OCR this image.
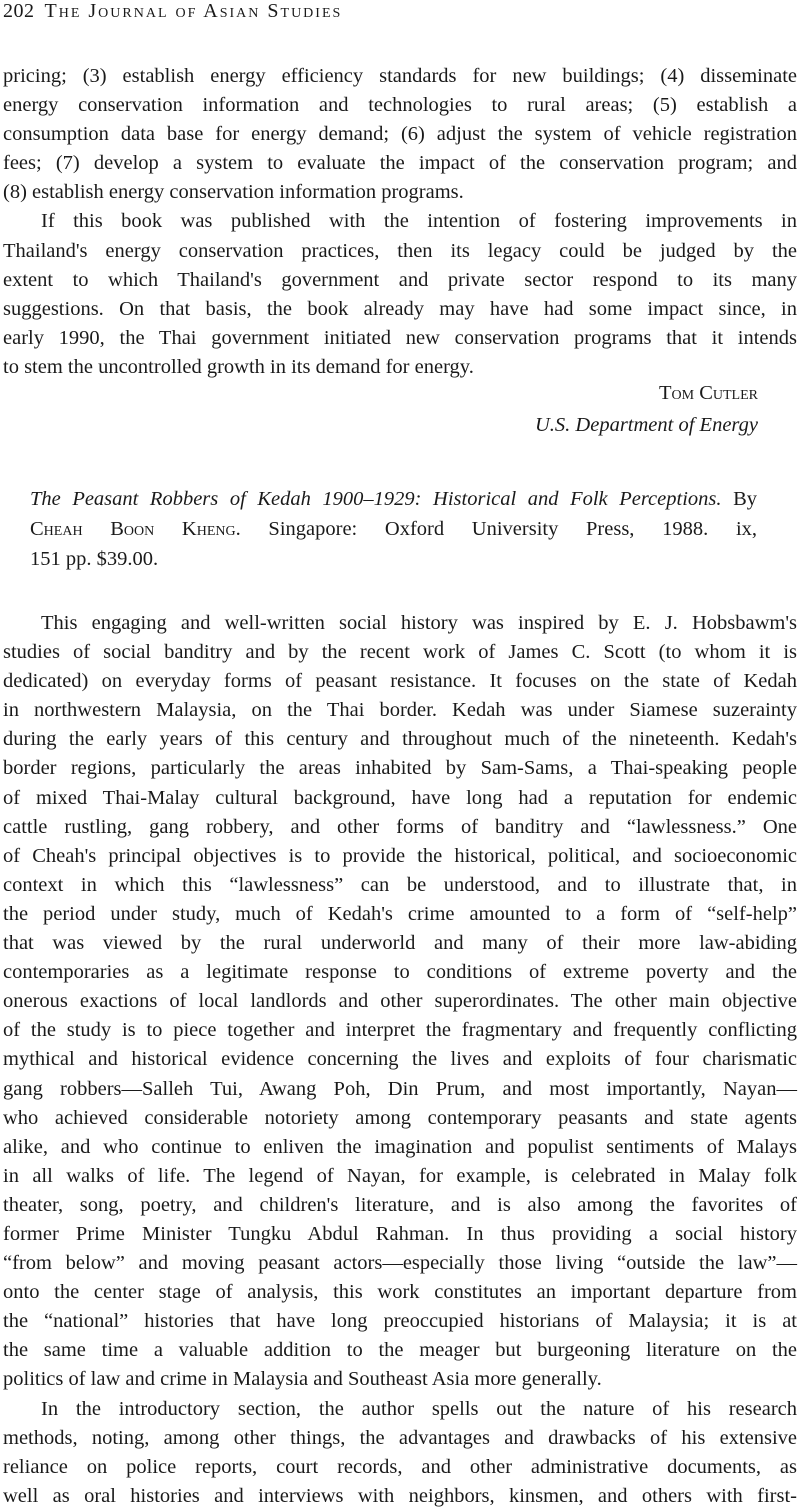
202 The Journal of Asian Studies
pricing; (3) establish energy efficiency standards for new buildings; (4) disseminate
energy conservation information and technologies to rural areas; (5) establish a
consumption data base for energy demand; (6) adjust the system of vehicle registration
fees; (7) develop a system to evaluate the impact of the conservation program; and
(8) establish energy conservation information programs.
If this book was published with the intention of fostering improvements in
Thailand's energy conservation practices, then its legacy could be judged by the
extent to which Thailand's government and private sector respond to its many
suggestions. On that basis, the book already may have had some impact since, in
early 1990, the Thai government initiated new conservation programs that it intends
to stem the uncontrolled growth in its demand for energy.
Tom Cutler
U.S. Department of Energy
The Peasant Robbers of Kedah 1900–1929: Historical and Folk Perceptions. By
Cheah Boon Kheng. Singapore: Oxford University Press, 1988. ix,
151 pp. $39.00.
This engaging and well-written social history was inspired by E. J. Hobsbawm's
studies of social banditry and by the recent work of James C. Scott (to whom it is
dedicated) on everyday forms of peasant resistance. It focuses on the state of Kedah
in northwestern Malaysia, on the Thai border. Kedah was under Siamese suzerainty
during the early years of this century and throughout much of the nineteenth. Kedah's
border regions, particularly the areas inhabited by Sam-Sams, a Thai-speaking people
of mixed Thai-Malay cultural background, have long had a reputation for endemic
cattle rustling, gang robbery, and other forms of banditry and “lawlessness.” One
of Cheah's principal objectives is to provide the historical, political, and socioeconomic
context in which this “lawlessness” can be understood, and to illustrate that, in
the period under study, much of Kedah's crime amounted to a form of “self-help”
that was viewed by the rural underworld and many of their more law-abiding
contemporaries as a legitimate response to conditions of extreme poverty and the
onerous exactions of local landlords and other superordinates. The other main objective
of the study is to piece together and interpret the fragmentary and frequently conflicting
mythical and historical evidence concerning the lives and exploits of four charismatic
gang robbers—Salleh Tui, Awang Poh, Din Prum, and most importantly, Nayan—
who achieved considerable notoriety among contemporary peasants and state agents
alike, and who continue to enliven the imagination and populist sentiments of Malays
in all walks of life. The legend of Nayan, for example, is celebrated in Malay folk
theater, song, poetry, and children's literature, and is also among the favorites of
former Prime Minister Tungku Abdul Rahman. In thus providing a social history
“from below” and moving peasant actors—especially those living “outside the law”—
onto the center stage of analysis, this work constitutes an important departure from
the “national” histories that have long preoccupied historians of Malaysia; it is at
the same time a valuable addition to the meager but burgeoning literature on the
politics of law and crime in Malaysia and Southeast Asia more generally.
In the introductory section, the author spells out the nature of his research
methods, noting, among other things, the advantages and drawbacks of his extensive
reliance on police reports, court records, and other administrative documents, as
well as oral histories and interviews with neighbors, kinsmen, and others with first-
